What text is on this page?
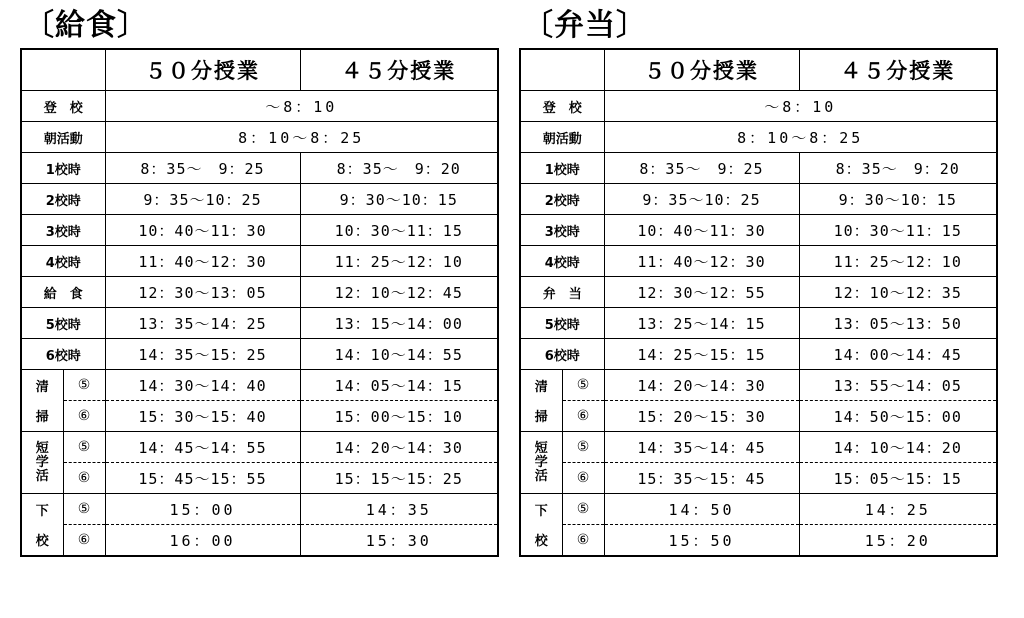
〔給食〕
		５０分授業	４５分授業
登　校		～8：10	
朝活動		8：10～8：25	
1校時		8：35～　9：25	8：35～　9：20
2校時		9：35～10：25	9：30～10：15
3校時		10：40～11：30	10：30～11：15
4校時		11：40～12：30	11：25～12：10
給　食		12：30～13：05	12：10～12：45
5校時		13：35～14：25	13：15～14：00
6校時		14：35～15：25	14：10～14：55
清	⑤	14：30～14：40	14：05～14：15
掃	⑥	15：30～15：40	15：00～15：10
短
学
活	⑤	14：45～14：55	14：20～14：30
	⑥	15：45～15：55	15：15～15：25
下	⑤	15：00	14：35
校	⑥	16：00	15：30
〔弁当〕
		５０分授業	４５分授業
登　校		～8：10	
朝活動		8：10～8：25	
1校時		8：35～　9：25	8：35～　9：20
2校時		9：35～10：25	9：30～10：15
3校時		10：40～11：30	10：30～11：15
4校時		11：40～12：30	11：25～12：10
弁　当		12：30～12：55	12：10～12：35
5校時		13：25～14：15	13：05～13：50
6校時		14：25～15：15	14：00～14：45
清	⑤	14：20～14：30	13：55～14：05
掃	⑥	15：20～15：30	14：50～15：00
短
学
活	⑤	14：35～14：45	14：10～14：20
	⑥	15：35～15：45	15：05～15：15
下	⑤	14：50	14：25
校	⑥	15：50	15：20
